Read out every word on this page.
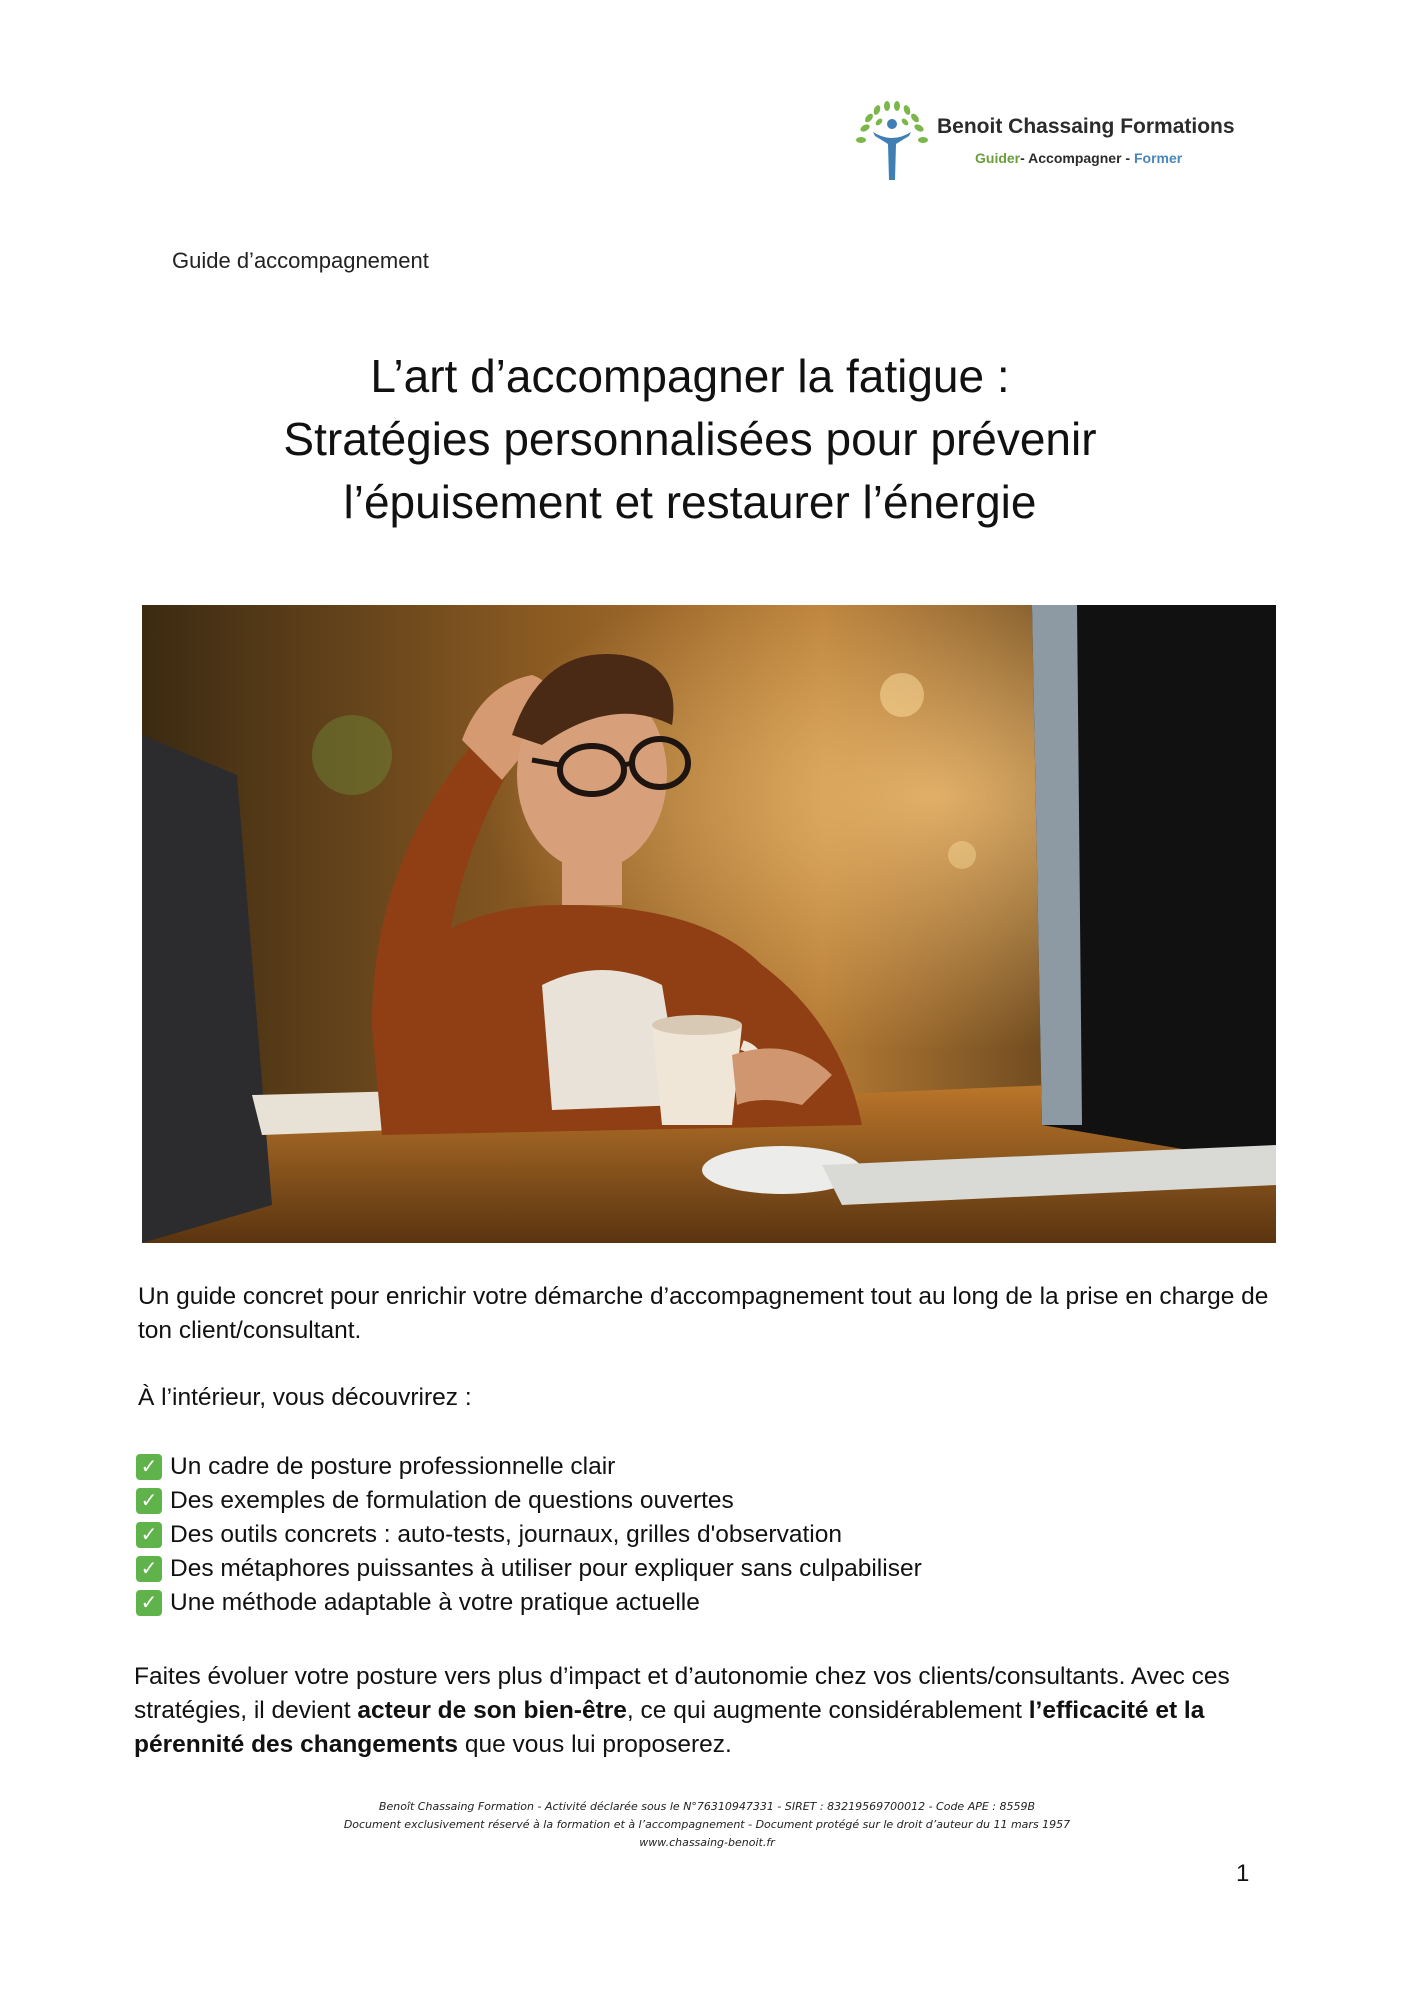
Benoit Chassaing Formations
Guider- Accompagner - Former
Guide d’accompagnement
L’art d’accompagner la fatigue :
Stratégies personnalisées pour prévenir
l’épuisement et restaurer l’énergie
Un guide concret pour enrichir votre démarche d’accompagnement tout au long de la prise en charge de ton client/consultant.
À l’intérieur, vous découvrirez :
✓ Un cadre de posture professionnelle clair
✓ Des exemples de formulation de questions ouvertes
✓ Des outils concrets : auto-tests, journaux, grilles d'observation
✓ Des métaphores puissantes à utiliser pour expliquer sans culpabiliser
✓ Une méthode adaptable à votre pratique actuelle
Faites évoluer votre posture vers plus d’impact et d’autonomie chez vos clients/consultants. Avec ces stratégies, il devient acteur de son bien-être, ce qui augmente considérablement l’efficacité et la pérennité des changements que vous lui proposerez.
Benoît Chassaing Formation - Activité déclarée sous le N°76310947331 - SIRET : 83219569700012 - Code APE : 8559B
Document exclusivement réservé à la formation et à l’accompagnement - Document protégé sur le droit d’auteur du 11 mars 1957
www.chassaing-benoit.fr
1
